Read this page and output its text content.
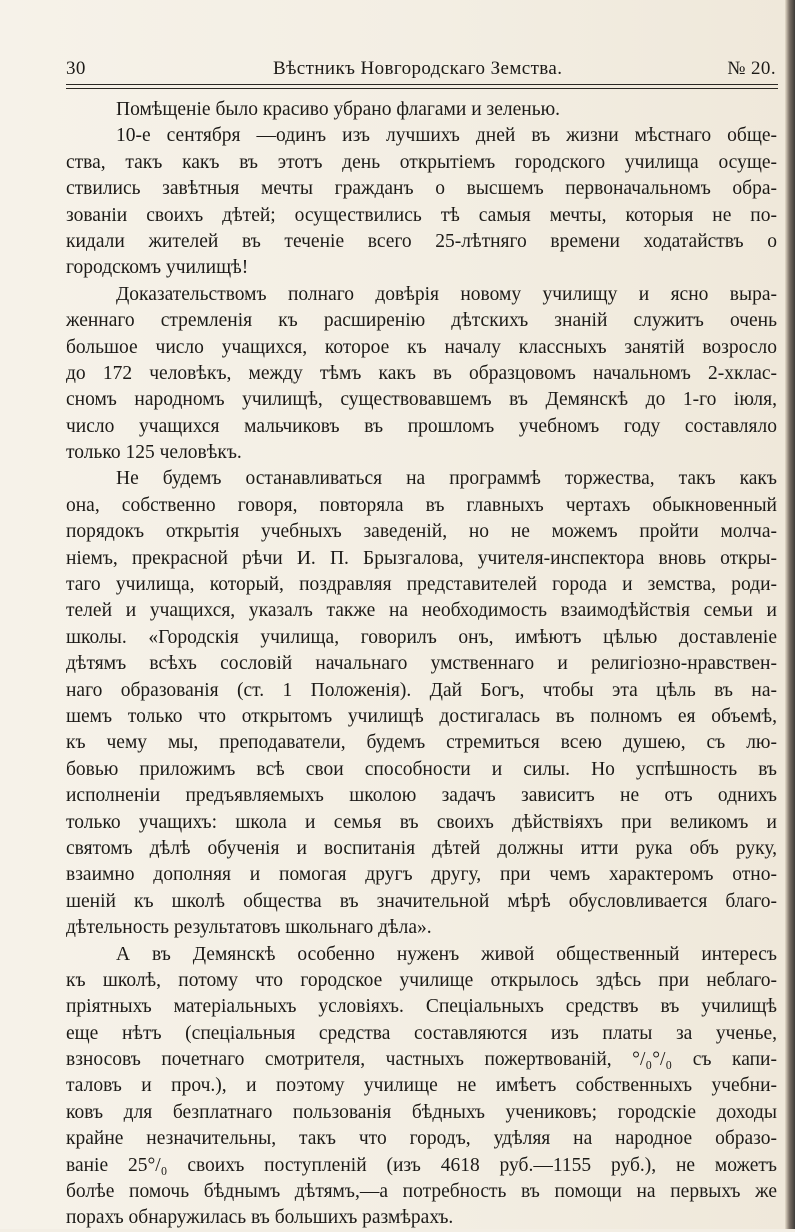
30	Вѣстникъ Новгородскаго Земства.	№ 20.
Помѣщеніе было красиво убрано флагами и зеленью.
10-е сентября —одинъ изъ лучшихъ дней въ жизни мѣстнаго обще-
ства, такъ какъ въ этотъ день открытіемъ городского училища осуще-
ствились завѣтныя мечты гражданъ о высшемъ первоначальномъ обра-
зованіи своихъ дѣтей; осуществились тѣ самыя мечты, которыя не по-
кидали жителей въ теченіе всего 25-лѣтняго времени ходатайствъ о
городскомъ училищѣ!
Доказательствомъ полнаго довѣрія новому училищу и ясно выра-
женнаго стремленія къ расширенію дѣтскихъ знаній служитъ очень
большое число учащихся, которое къ началу классныхъ занятій возросло
до 172 человѣкъ, между тѣмъ какъ въ образцовомъ начальномъ 2-хклас-
сномъ народномъ училищѣ, существовавшемъ въ Демянскѣ до 1-го іюля,
число учащихся мальчиковъ въ прошломъ учебномъ году составляло
только 125 человѣкъ.
Не будемъ останавливаться на программѣ торжества, такъ какъ
она, собственно говоря, повторяла въ главныхъ чертахъ обыкновенный
порядокъ открытія учебныхъ заведеній, но не можемъ пройти молча-
ніемъ, прекрасной рѣчи И. П. Брызгалова, учителя-инспектора вновь откры-
таго училища, который, поздравляя представителей города и земства, роди-
телей и учащихся, указалъ также на необходимость взаимодѣйствія семьи и
школы. «Городскія училища, говорилъ онъ, имѣютъ цѣлью доставленіе
дѣтямъ всѣхъ сословій начальнаго умственнаго и религіозно-нравствен-
наго образованія (ст. 1 Положенія). Дай Богъ, чтобы эта цѣль въ на-
шемъ только что открытомъ училищѣ достигалась въ полномъ ея объемѣ,
къ чему мы, преподаватели, будемъ стремиться всею душею, съ лю-
бовью приложимъ всѣ свои способности и силы. Но успѣшность въ
исполненіи предъявляемыхъ школою задачъ зависитъ не отъ однихъ
только учащихъ: школа и семья въ своихъ дѣйствіяхъ при великомъ и
святомъ дѣлѣ обученія и воспитанія дѣтей должны итти рука объ руку,
взаимно дополняя и помогая другъ другу, при чемъ характеромъ отно-
шеній къ школѣ общества въ значительной мѣрѣ обусловливается благо-
дѣтельность результатовъ школьнаго дѣла».
А въ Демянскѣ особенно нуженъ живой общественный интересъ
къ школѣ, потому что городское училище открылось здѣсь при неблаго-
пріятныхъ матеріальныхъ условіяхъ. Спеціальныхъ средствъ въ училищѣ
еще нѣтъ (спеціальныя средства составляются изъ платы за ученье,
взносовъ почетнаго смотрителя, частныхъ пожертвованій, °/₀°/₀ съ капи-
таловъ и проч.), и поэтому училище не имѣетъ собственныхъ учебни-
ковъ для безплатнаго пользованія бѣдныхъ учениковъ; городскіе доходы
крайне незначительны, такъ что городъ, удѣляя на народное образо-
ваніе 25°/₀ своихъ поступленій (изъ 4618 руб.—1155 руб.), не можетъ
болѣе помочь бѣднымъ дѣтямъ,—а потребность въ помощи на первыхъ же
порахъ обнаружилась въ большихъ размѣрахъ.
